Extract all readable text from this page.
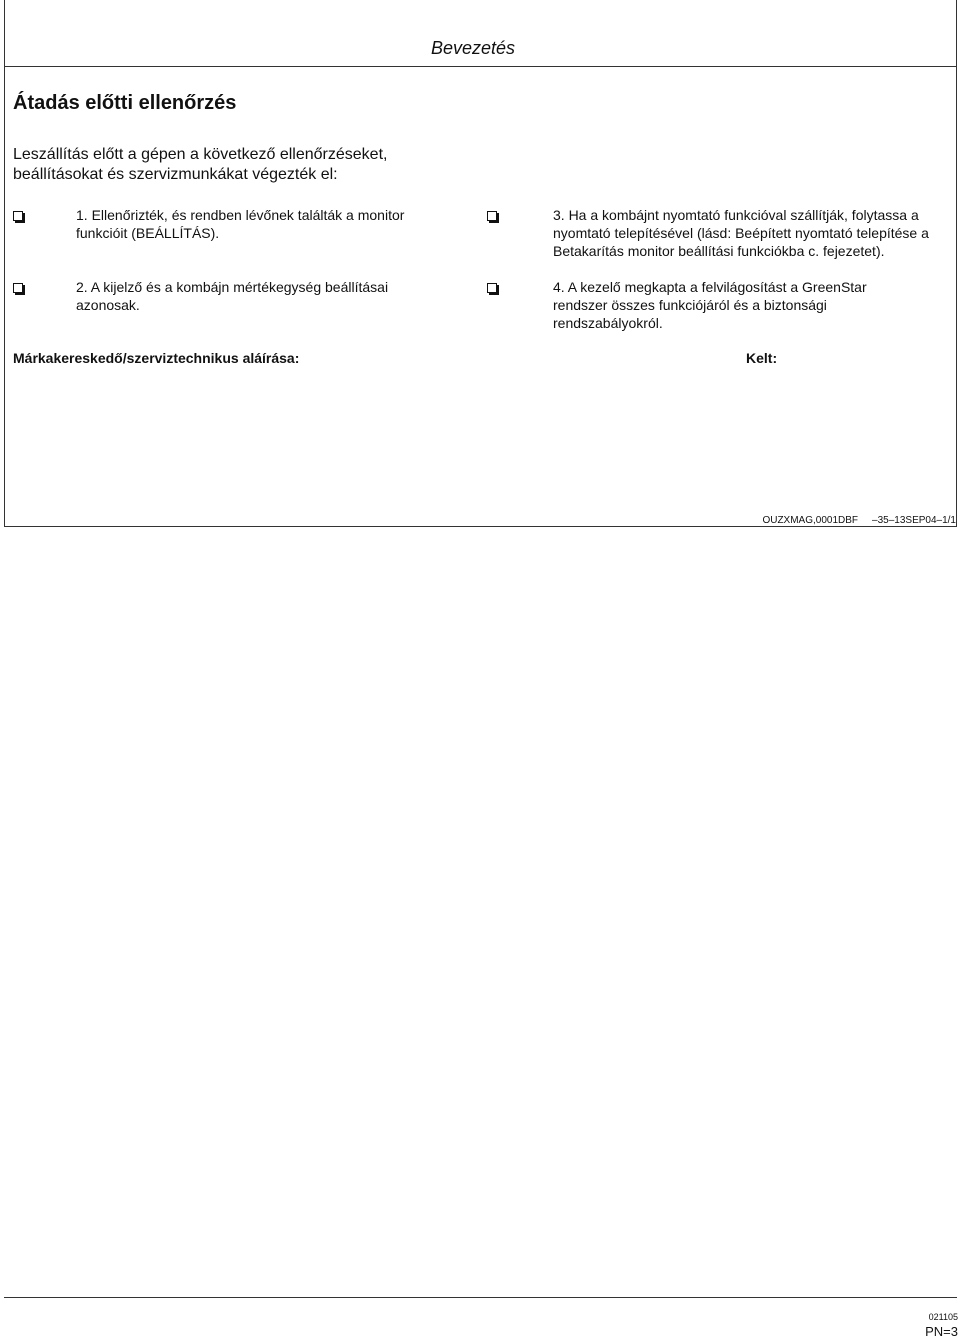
Bevezetés
Átadás előtti ellenőrzés
Leszállítás előtt a gépen a következő ellenőrzéseket, beállításokat és szervizmunkákat végezték el:
1. Ellenőrizték, és rendben lévőnek találták a monitor funkcióit (BEÁLLÍTÁS).
2. A kijelző és a kombájn mértékegység beállításai azonosak.
3. Ha a kombájnt nyomtató funkcióval szállítják, folytassa a nyomtató telepítésével (lásd: Beépített nyomtató telepítése a Betakarítás monitor beállítási funkciókba c. fejezetet).
4. A kezelő megkapta a felvilágosítást a GreenStar rendszer összes funkciójáról és a biztonsági rendszabályokról.
Márkakereskedő/szerviztechnikus aláírása:	Kelt:
OUZXMAG,0001DBF –35–13SEP04–1/1
021105
PN=3
